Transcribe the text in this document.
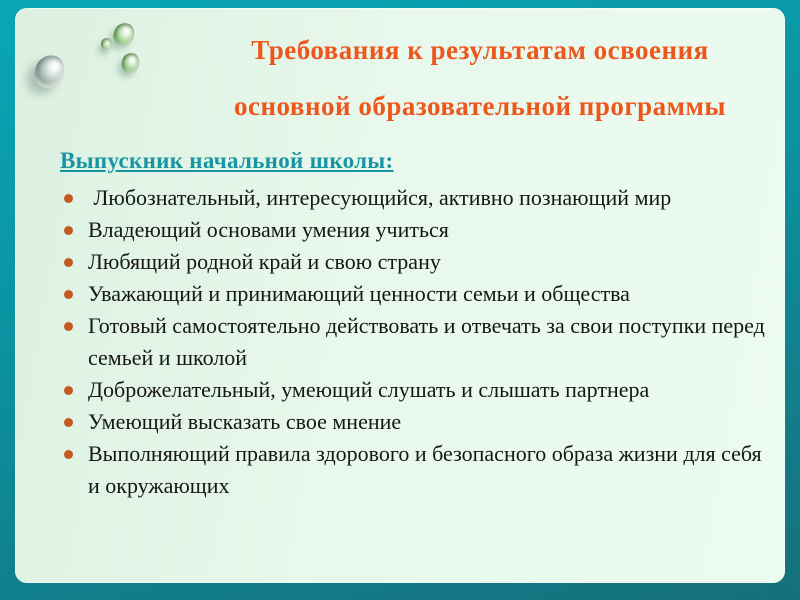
Требования к результатам освоения
основной образовательной программы
Выпускник начальной школы:
Любознательный, интересующийся, активно познающий мир
Владеющий основами умения учиться
Любящий родной край и свою страну
Уважающий и принимающий ценности семьи и общества
Готовый самостоятельно действовать и отвечать за свои поступки перед семьей и школой
Доброжелательный, умеющий слушать и слышать партнера
Умеющий высказать свое мнение
Выполняющий правила здорового и безопасного образа жизни для себя и окружающих
